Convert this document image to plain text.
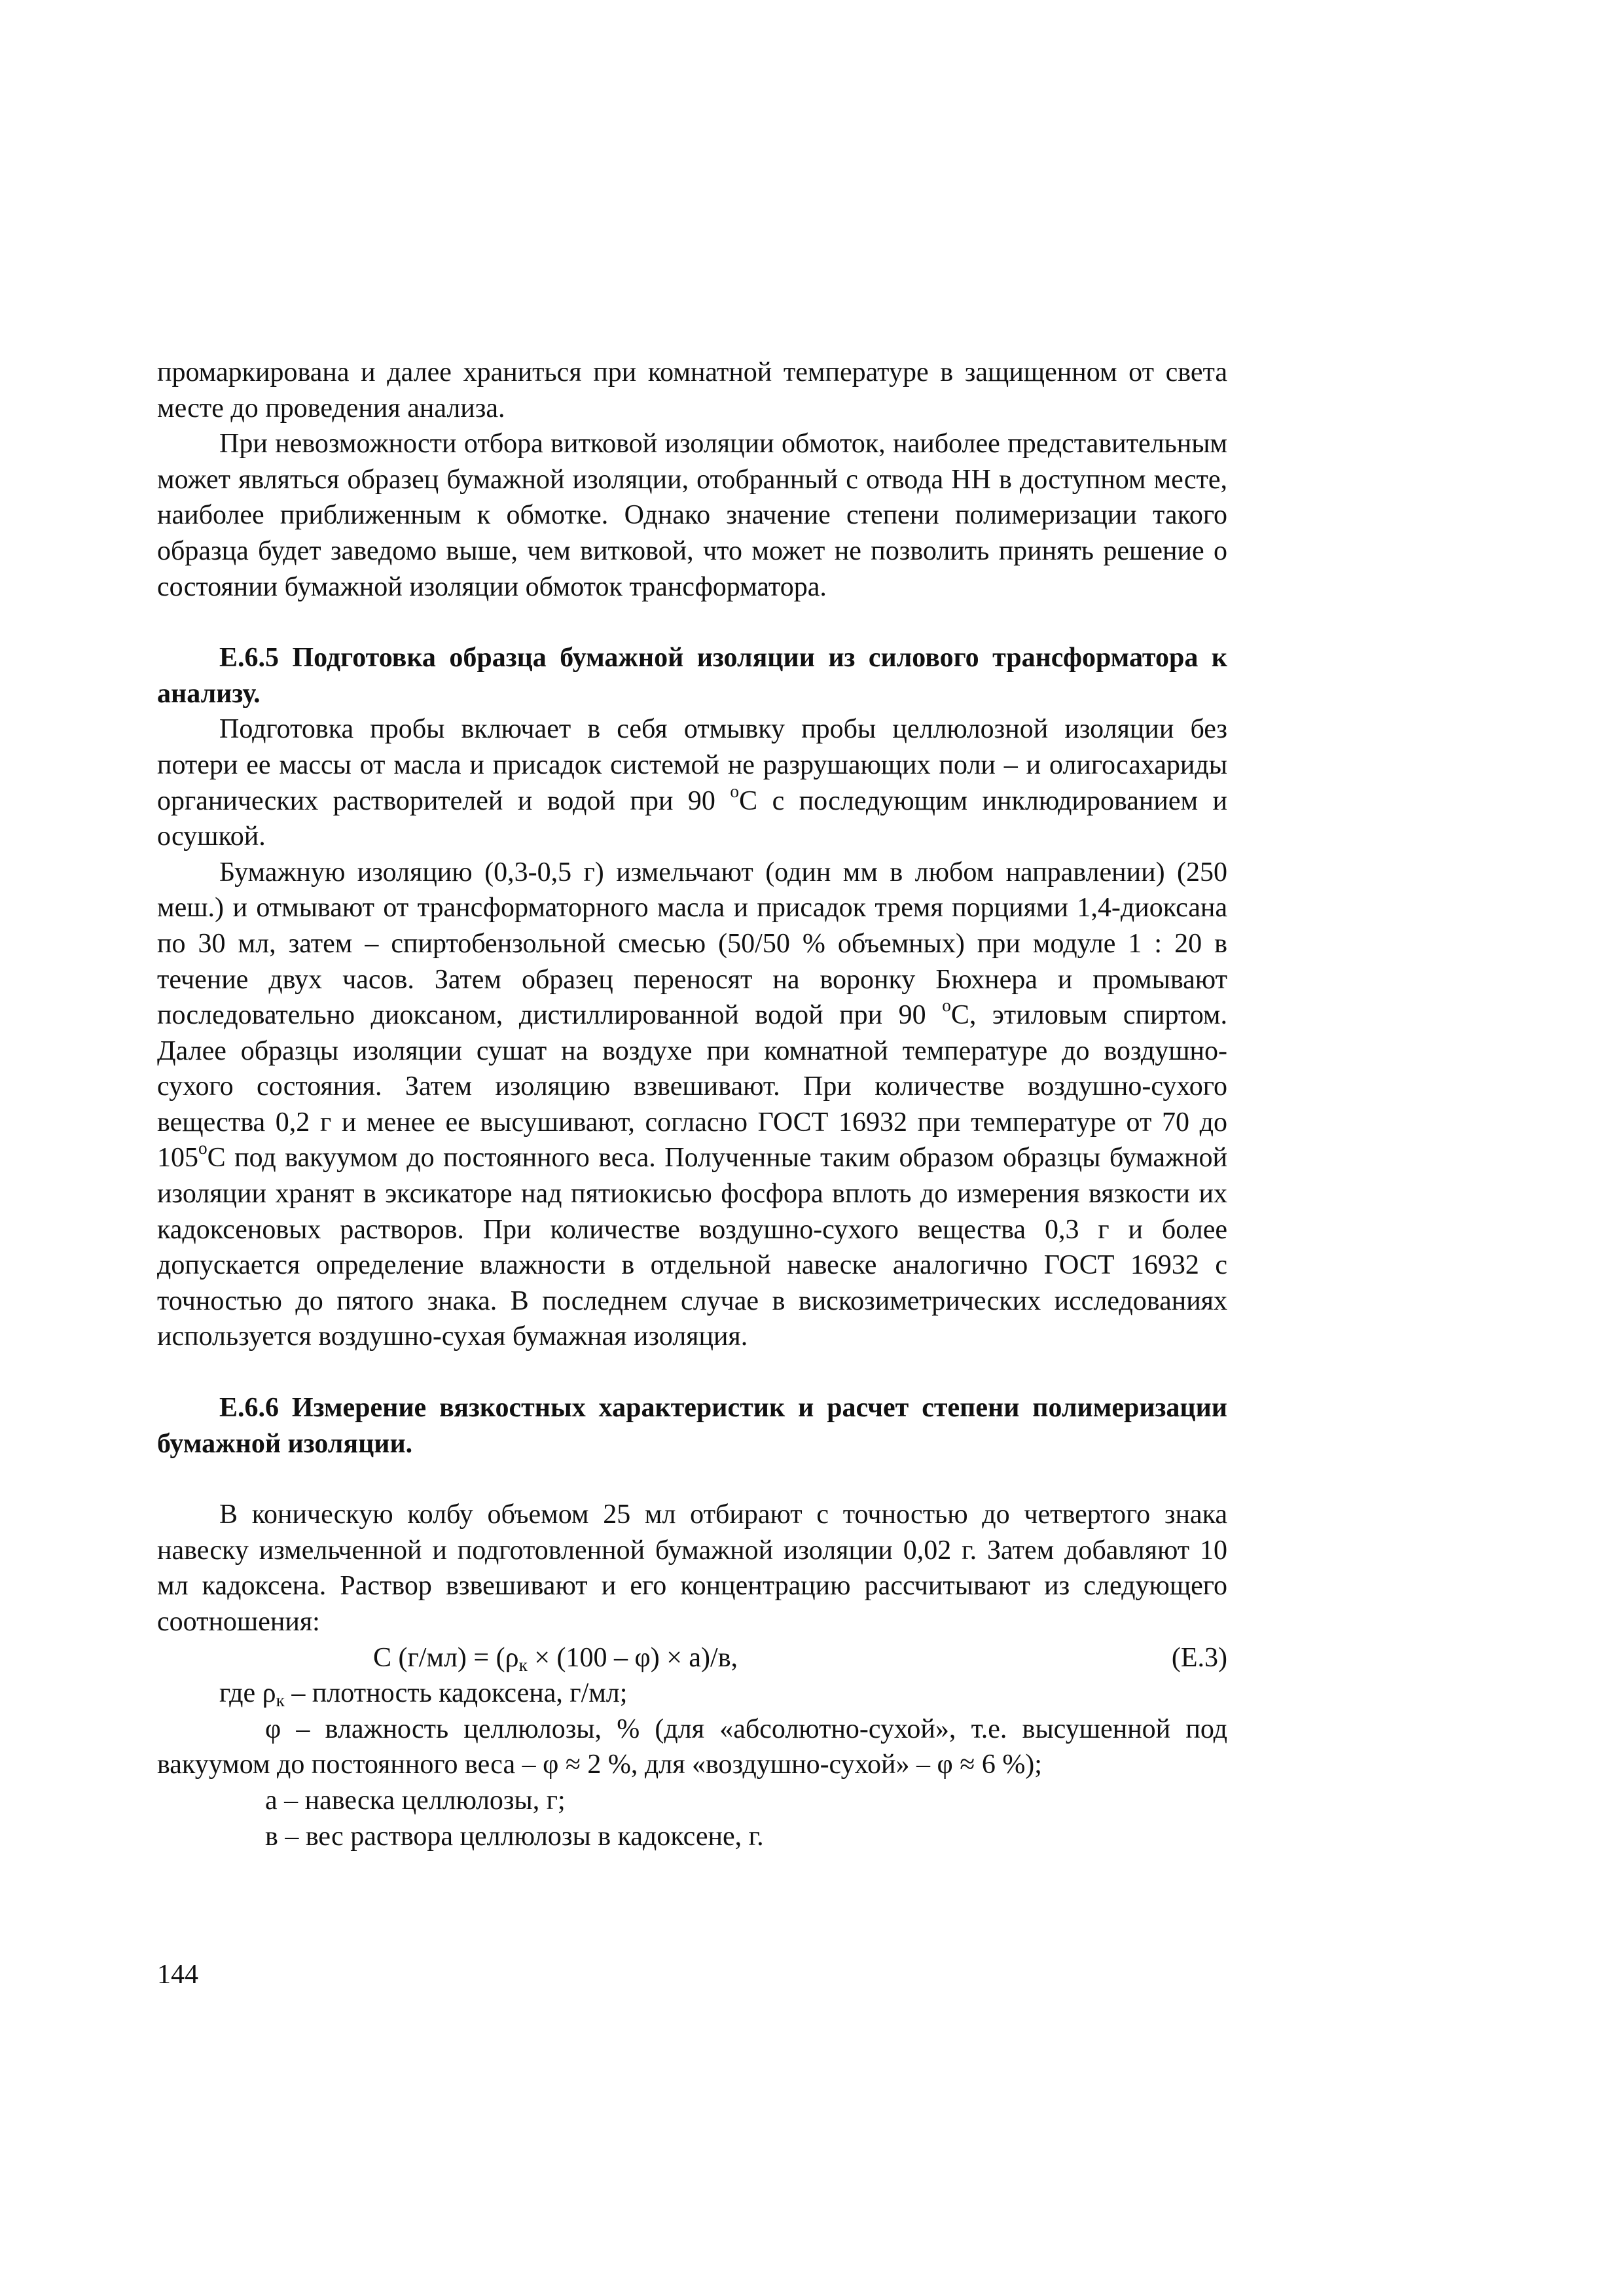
промаркирована и далее храниться при комнатной температуре в защищенном от света месте до проведения анализа.

При невозможности отбора витковой изоляции обмоток, наиболее представительным может являться образец бумажной изоляции, отобранный с отвода НН в доступном месте, наиболее приближенным к обмотке. Однако значение степени полимеризации такого образца будет заведомо выше, чем витковой, что может не позволить принять решение о состоянии бумажной изоляции обмоток трансформатора.

Е.6.5 Подготовка образца бумажной изоляции из силового трансформатора к анализу.

Подготовка пробы включает в себя отмывку пробы целлюлозной изоляции без потери ее массы от масла и присадок системой не разрушающих поли – и олигосахариды органических растворителей и водой при 90 $^о$С с последующим инклюдированием и осушкой.

Бумажную изоляцию (0,3-0,5 г) измельчают (один мм в любом направлении) (250 меш.) и отмывают от трансформаторного масла и присадок тремя порциями 1,4-диоксана по 30 мл, затем – спиртобензольной смесью (50/50 % объемных) при модуле 1 : 20 в течение двух часов. Затем образец переносят на воронку Бюхнера и промывают последовательно диоксаном, дистиллированной водой при 90 $^о$С, этиловым спиртом. Далее образцы изоляции сушат на воздухе при комнатной температуре до воздушно-сухого состояния. Затем изоляцию взвешивают. При количестве воздушно-сухого вещества 0,2 г и менее ее высушивают, согласно ГОСТ 16932 при температуре от 70 до $105^оС$ под вакуумом до постоянного веса. Полученные таким образом образцы бумажной изоляции хранят в эксикаторе над пятиокисью фосфора вплоть до измерения вязкости их кадоксеновых растворов. При количестве воздушно-сухого вещества 0,3 г и более допускается определение влажности в отдельной навеске аналогично ГОСТ 16932 с точностью до пятого знака. В последнем случае в вискозиметрических исследованиях используется воздушно-сухая бумажная изоляция.

Е.6.6 Измерение вязкостных характеристик и расчет степени полимеризации бумажной изоляции.

В коническую колбу объемом 25 мл отбирают с точностью до четвертого знака навеску измельченной и подготовленной бумажной изоляции 0,02 г. Затем добавляют 10 мл кадоксена. Раствор взвешивают и его концентрацию рассчитывают из следующего соотношения:

С $(г/мл) = (\rho_к \times (100 - \varphi) \times а)/в$,	(Е.3)

где $\rho_к$ – плотность кадоксена, г/мл;

φ – влажность целлюлозы, % (для «абсолютно-сухой», т.е. высушенной под вакуумом до постоянного веса – φ ≈ 2 %, для «воздушно-сухой» – φ ≈ 6 %);

а – навеска целлюлозы, г;

в – вес раствора целлюлозы в кадоксене, г.

144
